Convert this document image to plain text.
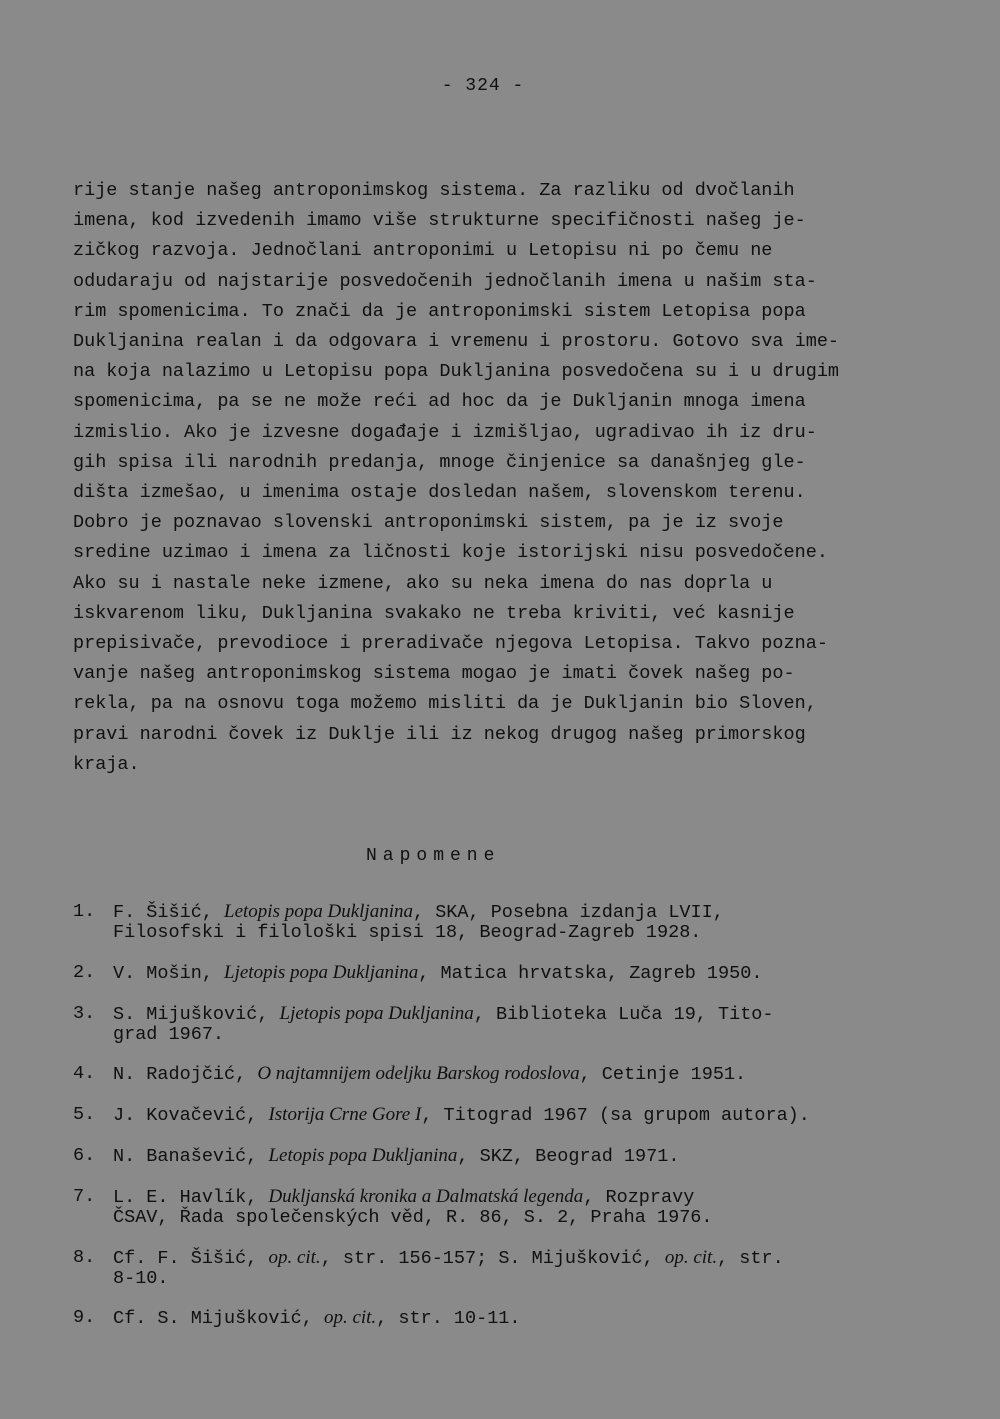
- 324 -
rije stanje našeg antroponimskog sistema. Za razliku od dvočlanih
imena, kod izvedenih imamo više strukturne specifičnosti našeg je-
zičkog razvoja. Jednočlani antroponimi u Letopisu ni po čemu ne
odudaraju od najstarije posvedočenih jednočlanih imena u našim sta-
rim spomenicima. To znači da je antroponimski sistem Letopisa popa
Dukljanina realan i da odgovara i vremenu i prostoru. Gotovo sva ime-
na koja nalazimo u Letopisu popa Dukljanina posvedočena su i u drugim
spomenicima, pa se ne može reći ad hoc da je Dukljanin mnoga imena
izmislio. Ako je izvesne događaje i izmišljao, ugradivao ih iz dru-
gih spisa ili narodnih predanja, mnoge činjenice sa današnjeg gle-
dišta izmešao, u imenima ostaje dosledan našem, slovenskom terenu.
Dobro je poznavao slovenski antroponimski sistem, pa je iz svoje
sredine uzimao i imena za ličnosti koje istorijski nisu posvedočene.
Ako su i nastale neke izmene, ako su neka imena do nas doprla u
iskvarenom liku, Dukljanina svakako ne treba kriviti, već kasnije
prepisivače, prevodioce i preradivače njegova Letopisa. Takvo pozna-
vanje našeg antroponimskog sistema mogao je imati čovek našeg po-
rekla, pa na osnovu toga možemo misliti da je Dukljanin bio Sloven,
pravi narodni čovek iz Duklje ili iz nekog drugog našeg primorskog
kraja.
Napomene
1. F. Šišić, Letopis popa Dukljanina, SKA, Posebna izdanja LVII,
Filosofski i filološki spisi 18, Beograd-Zagreb 1928.
2. V. Mošin, Ljetopis popa Dukljanina, Matica hrvatska, Zagreb 1950.
3. S. Mijušković, Ljetopis popa Dukljanina, Biblioteka Luča 19, Tito-
grad 1967.
4. N. Radojčić, O najtamnijem odeljku Barskog rodoslova, Cetinje 1951.
5. J. Kovačević, Istorija Crne Gore I, Titograd 1967 (sa grupom autora).
6. N. Banašević, Letopis popa Dukljanina, SKZ, Beograd 1971.
7. L. E. Havlík, Dukljanská kronika a Dalmatská legenda, Rozpravy
ČSAV, Řada společenských věd, R. 86, S. 2, Praha 1976.
8. Cf. F. Šišić, op. cit., str. 156-157; S. Mijušković, op. cit., str.
8-10.
9. Cf. S. Mijušković, op. cit., str. 10-11.
